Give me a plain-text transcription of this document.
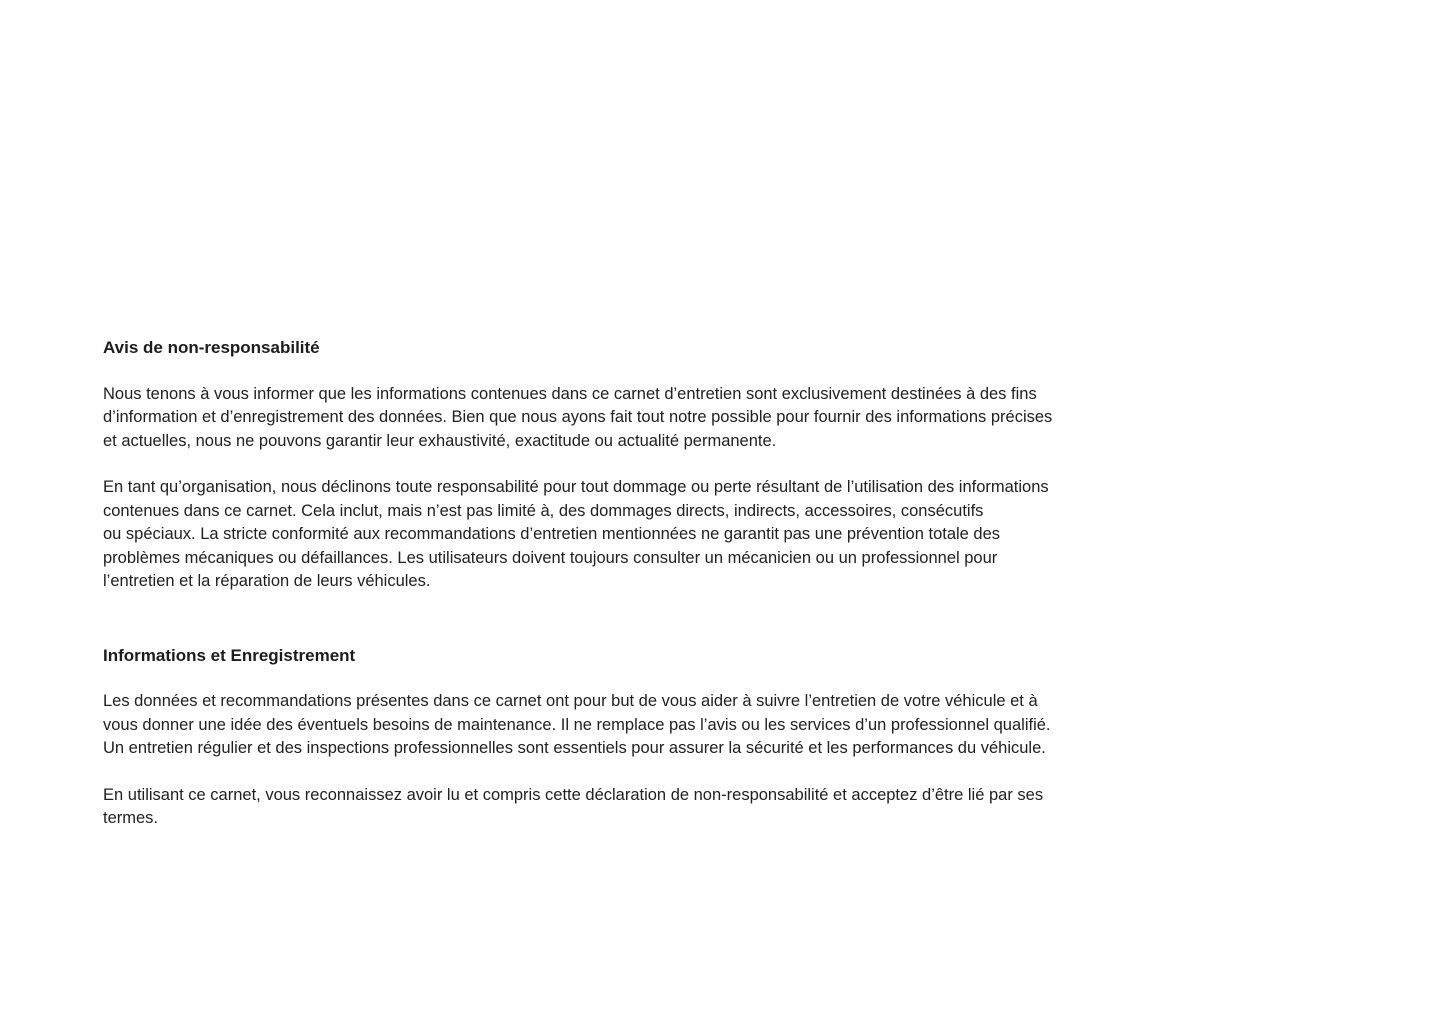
Avis de non-responsabilité
Nous tenons à vous informer que les informations contenues dans ce carnet d’entretien sont exclusivement destinées à des fins
d’information et d’enregistrement des données. Bien que nous ayons fait tout notre possible pour fournir des informations précises
et actuelles, nous ne pouvons garantir leur exhaustivité, exactitude ou actualité permanente.
En tant qu’organisation, nous déclinons toute responsabilité pour tout dommage ou perte résultant de l’utilisation des informations
contenues dans ce carnet. Cela inclut, mais n’est pas limité à, des dommages directs, indirects, accessoires, consécutifs
ou spéciaux. La stricte conformité aux recommandations d’entretien mentionnées ne garantit pas une prévention totale des
problèmes mécaniques ou défaillances. Les utilisateurs doivent toujours consulter un mécanicien ou un professionnel pour
l’entretien et la réparation de leurs véhicules.
Informations et Enregistrement
Les données et recommandations présentes dans ce carnet ont pour but de vous aider à suivre l’entretien de votre véhicule et à
vous donner une idée des éventuels besoins de maintenance. Il ne remplace pas l’avis ou les services d’un professionnel qualifié.
Un entretien régulier et des inspections professionnelles sont essentiels pour assurer la sécurité et les performances du véhicule.
En utilisant ce carnet, vous reconnaissez avoir lu et compris cette déclaration de non-responsabilité et acceptez d’être lié par ses
termes.
